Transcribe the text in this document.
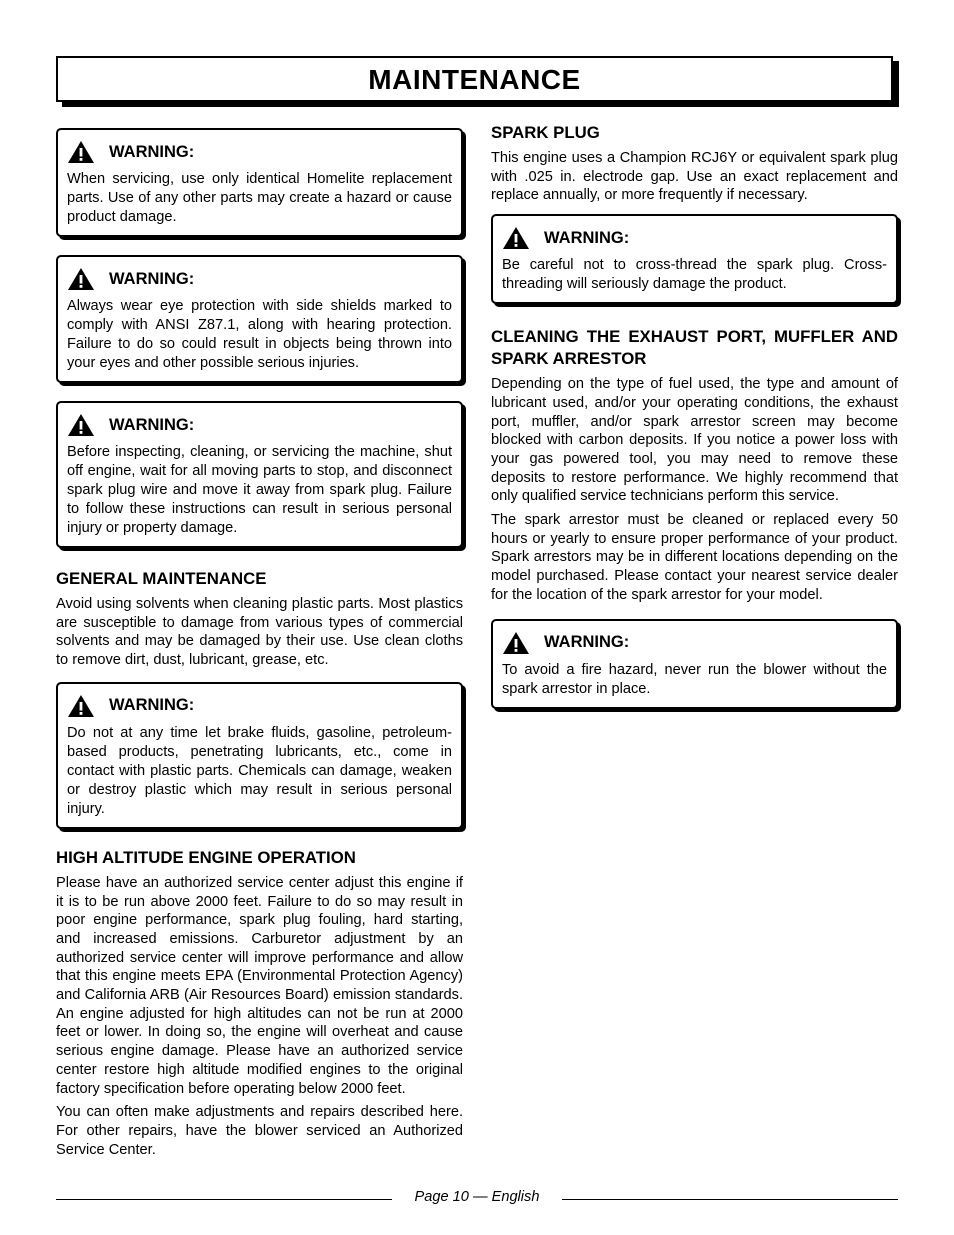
MAINTENANCE
WARNING:
When servicing, use only identical Homelite replacement parts. Use of any other parts may create a hazard or cause product damage.
WARNING:
Always wear eye protection with side shields marked to comply with ANSI Z87.1, along with hearing protection. Failure to do so could result in objects being thrown into your eyes and other possible serious injuries.
WARNING:
Before inspecting, cleaning, or servicing the machine, shut off engine, wait for all moving parts to stop, and disconnect spark plug wire and move it away from spark plug. Failure to follow these instructions can result in serious personal injury or property damage.
GENERAL MAINTENANCE

Avoid using solvents when cleaning plastic parts. Most plastics are susceptible to damage from various types of commercial solvents and may be damaged by their use. Use clean cloths to remove dirt, dust, lubricant, grease, etc.

WARNING:
Do not at any time let brake fluids, gasoline, petroleum-based products, penetrating lubricants, etc., come in contact with plastic parts. Chemicals can damage, weaken or destroy plastic which may result in serious personal injury.
HIGH ALTITUDE ENGINE OPERATION

Please have an authorized service center adjust this engine if it is to be run above 2000 feet. Failure to do so may result in poor engine performance, spark plug fouling, hard starting, and increased emissions. Carburetor adjustment by an authorized service center will improve performance and allow that this engine meets EPA (Environmental Protection Agency) and California ARB (Air Resources Board) emission standards. An engine adjusted for high altitudes can not be run at 2000 feet or lower. In doing so, the engine will overheat and cause serious engine damage. Please have an authorized service center restore high altitude modified engines to the original factory specification before operating below 2000 feet.

You can often make adjustments and repairs described here. For other repairs, have the blower serviced an Authorized Service Center.

SPARK PLUG

This engine uses a Champion RCJ6Y or equivalent spark plug with .025 in. electrode gap. Use an exact replacement and replace annually, or more frequently if necessary.

WARNING:
Be careful not to cross-thread the spark plug. Cross-threading will seriously damage the product.
CLEANING THE EXHAUST PORT, MUFFLER AND SPARK ARRESTOR

Depending on the type of fuel used, the type and amount of lubricant used, and/or your operating conditions, the exhaust port, muffler, and/or spark arrestor screen may become blocked with carbon deposits. If you notice a power loss with your gas powered tool, you may need to remove these deposits to restore performance. We highly recommend that only qualified service technicians perform this service.

The spark arrestor must be cleaned or replaced every 50 hours or yearly to ensure proper performance of your product. Spark arrestors may be in different locations depending on the model purchased. Please contact your nearest service dealer for the location of the spark arrestor for your model.

WARNING:
To avoid a fire hazard, never run the blower without the spark arrestor in place.
Page 10 — English
